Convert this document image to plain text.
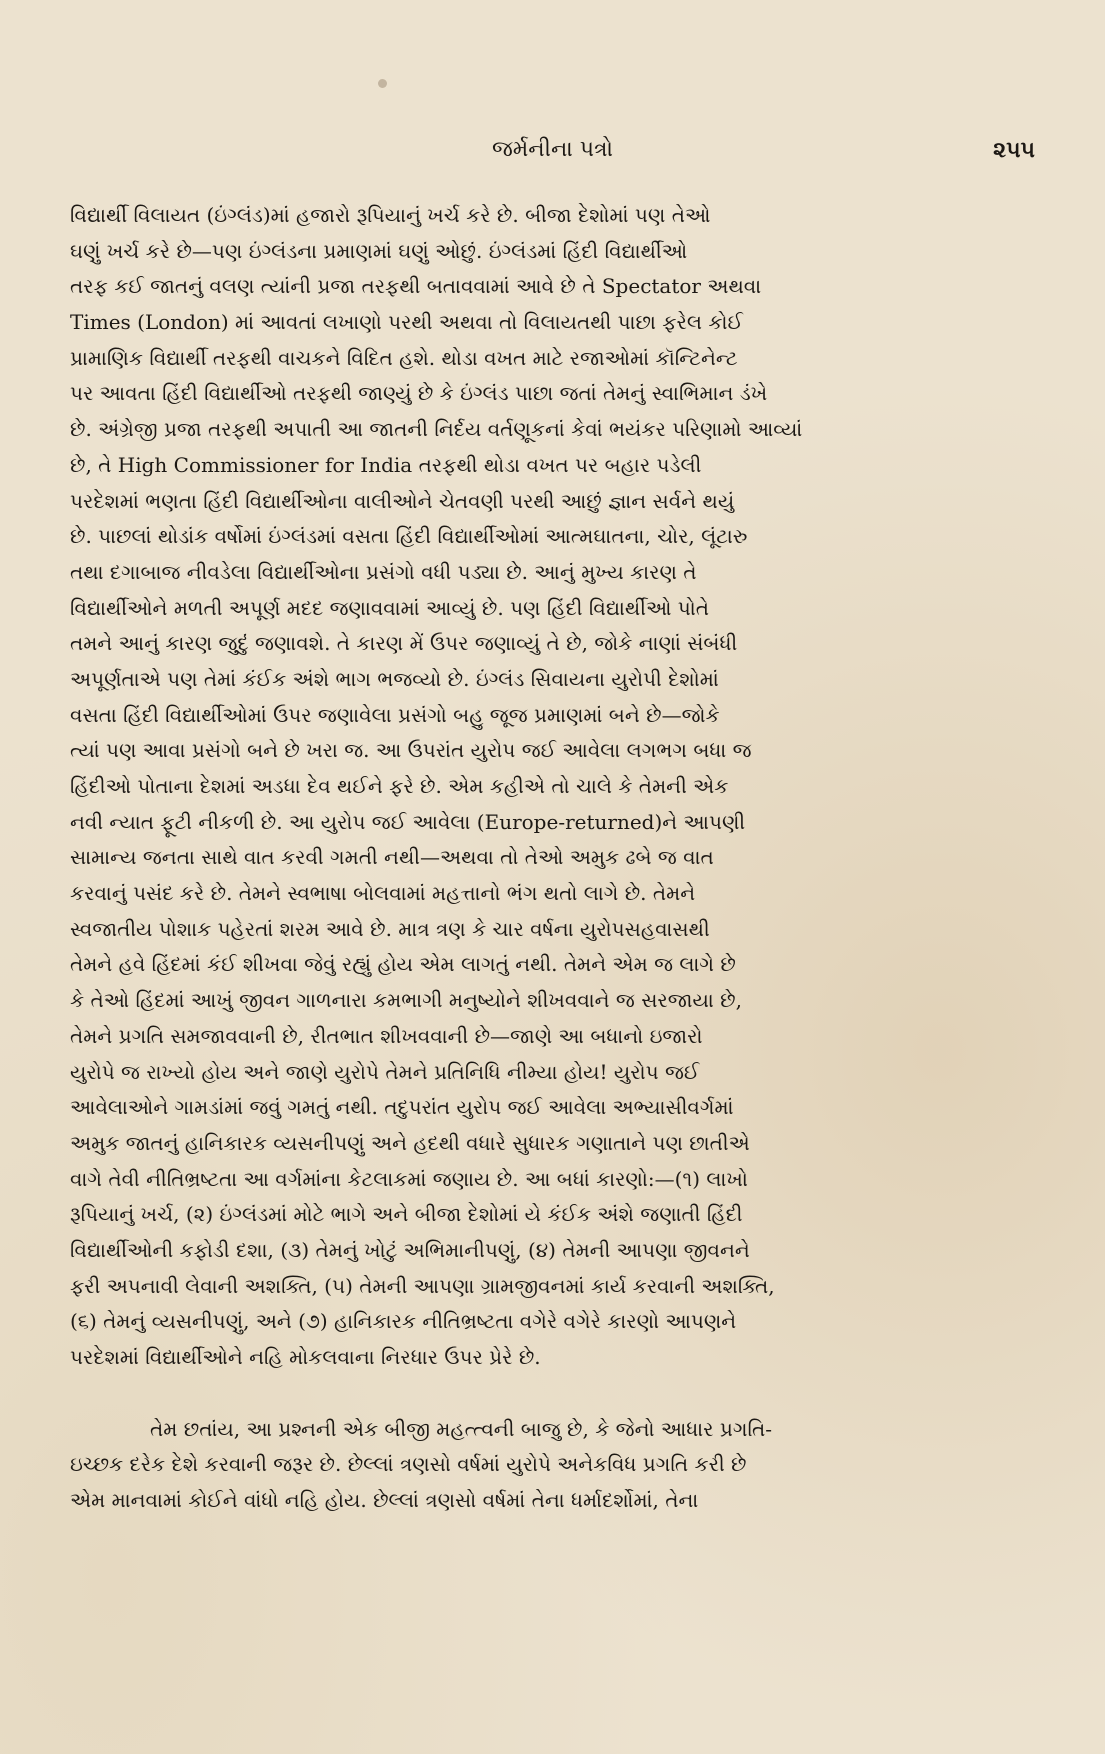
જર્મનીના પત્રો	૨૫૫
વિદ્યાર્થી વિલાયત (ઇંગ્લંડ)માં હજારો રૂપિયાનું ખર્ચ કરે છે. બીજા દેશોમાં પણ તેઓ
ઘણું ખર્ચ કરે છે—પણ ઇંગ્લંડના પ્રમાણમાં ઘણું ઓછું. ઇંગ્લંડમાં હિંદી વિદ્યાર્થીઓ
તરફ કઈ જાતનું વલણ ત્યાંની પ્રજા તરફથી બતાવવામાં આવે છે તે Spectator અથવા
Times (London) માં આવતાં લખાણો પરથી અથવા તો વિલાયતથી પાછા ફરેલ કોઈ
પ્રામાણિક વિદ્યાર્થી તરફથી વાચકને વિદિત હશે. થોડા વખત માટે રજાઓમાં કૉન્ટિનેન્ટ
પર આવતા હિંદી વિદ્યાર્થીઓ તરફથી જાણ્યું છે કે ઇંગ્લંડ પાછા જતાં તેમનું સ્વાભિમાન ડંખે
છે. અંગ્રેજી પ્રજા તરફથી અપાતી આ જાતની નિર્દય વર્તણૂકનાં કેવાં ભયંકર પરિણામો આવ્યાં
છે, તે High Commissioner for India તરફથી થોડા વખત પર બહાર પડેલી
પરદેશમાં ભણતા હિંદી વિદ્યાર્થીઓના વાલીઓને ચેતવણી પરથી આછું જ્ઞાન સર્વને થયું
છે. પાછલાં થોડાંક વર્ષોમાં ઇંગ્લંડમાં વસતા હિંદી વિદ્યાર્થીઓમાં આત્મઘાતના, ચોર, લૂંટારુ
તથા દગાબાજ નીવડેલા વિદ્યાર્થીઓના પ્રસંગો વધી પડ્યા છે. આનું મુખ્ય કારણ તે
વિદ્યાર્થીઓને મળતી અપૂર્ણ મદદ જણાવવામાં આવ્યું છે. પણ હિંદી વિદ્યાર્થીઓ પોતે
તમને આનું કારણ જુદું જણાવશે. તે કારણ મેં ઉપર જણાવ્યું તે છે, જોકે નાણાં સંબંધી
અપૂર્ણતાએ પણ તેમાં કંઈક અંશે ભાગ ભજવ્યો છે. ઇંગ્લંડ સિવાયના યુરોપી દેશોમાં
વસતા હિંદી વિદ્યાર્થીઓમાં ઉપર જણાવેલા પ્રસંગો બહુ જૂજ પ્રમાણમાં બને છે—જોકે
ત્યાં પણ આવા પ્રસંગો બને છે ખરા જ. આ ઉપરાંત યુરોપ જઈ આવેલા લગભગ બધા જ
હિંદીઓ પોતાના દેશમાં અડધા દેવ થઈને ફરે છે. એમ કહીએ તો ચાલે કે તેમની એક
નવી ન્યાત ફૂટી નીકળી છે. આ યુરોપ જઈ આવેલા (Europe-returned)ને આપણી
સામાન્ય જનતા સાથે વાત કરવી ગમતી નથી—અથવા તો તેઓ અમુક ઢબે જ વાત
કરવાનું પસંદ કરે છે. તેમને સ્વભાષા બોલવામાં મહત્તાનો ભંગ થતો લાગે છે. તેમને
સ્વજાતીય પોશાક પહેરતાં શરમ આવે છે. માત્ર ત્રણ કે ચાર વર્ષના યુરોપસહવાસથી
તેમને હવે હિંદમાં કંઈ શીખવા જેવું રહ્યું હોય એમ લાગતું નથી. તેમને એમ જ લાગે છે
કે તેઓ હિંદમાં આખું જીવન ગાળનારા કમભાગી મનુષ્યોને શીખવવાને જ સરજાયા છે,
તેમને પ્રગતિ સમજાવવાની છે, રીતભાત શીખવવાની છે—જાણે આ બધાનો ઇજારો
યુરોપે જ રાખ્યો હોય અને જાણે યુરોપે તેમને પ્રતિનિધિ નીમ્યા હોય! યુરોપ જઈ
આવેલાઓને ગામડાંમાં જવું ગમતું નથી. તદુપરાંત યુરોપ જઈ આવેલા અભ્યાસીવર્ગમાં
અમુક જાતનું હાનિકારક વ્યસનીપણું અને હદથી વધારે સુધારક ગણાતાને પણ છાતીએ
વાગે તેવી નીતિભ્રષ્ટતા આ વર્ગમાંના કેટલાકમાં જણાય છે. આ બધાં કારણો:—(૧) લાખો
રૂપિયાનું ખર્ચ, (૨) ઇંગ્લંડમાં મોટે ભાગે અને બીજા દેશોમાં યે કંઈક અંશે જણાતી હિંદી
વિદ્યાર્થીઓની કફોડી દશા, (૩) તેમનું ખોટું અભિમાનીપણું, (૪) તેમની આપણા જીવનને
ફરી અપનાવી લેવાની અશક્તિ, (૫) તેમની આપણા ગ્રામજીવનમાં કાર્ય કરવાની અશક્તિ,
(૬) તેમનું વ્યસનીપણું, અને (૭) હાનિકારક નીતિભ્રષ્ટતા વગેરે વગેરે કારણો આપણને
પરદેશમાં વિદ્યાર્થીઓને નહિ મોકલવાના નિરધાર ઉપર પ્રેરે છે.
તેમ છતાંય, આ પ્રશ્નની એક બીજી મહત્ત્વની બાજુ છે, કે જેનો આધાર પ્રગતિ-
ઇચ્છક દરેક દેશે કરવાની જરૂર છે. છેલ્લાં ત્રણસો વર્ષમાં યુરોપે અનેકવિધ પ્રગતિ કરી છે
એમ માનવામાં કોઈને વાંધો નહિ હોય. છેલ્લાં ત્રણસો વર્ષમાં તેના ધર્માદર્શોમાં, તેના
